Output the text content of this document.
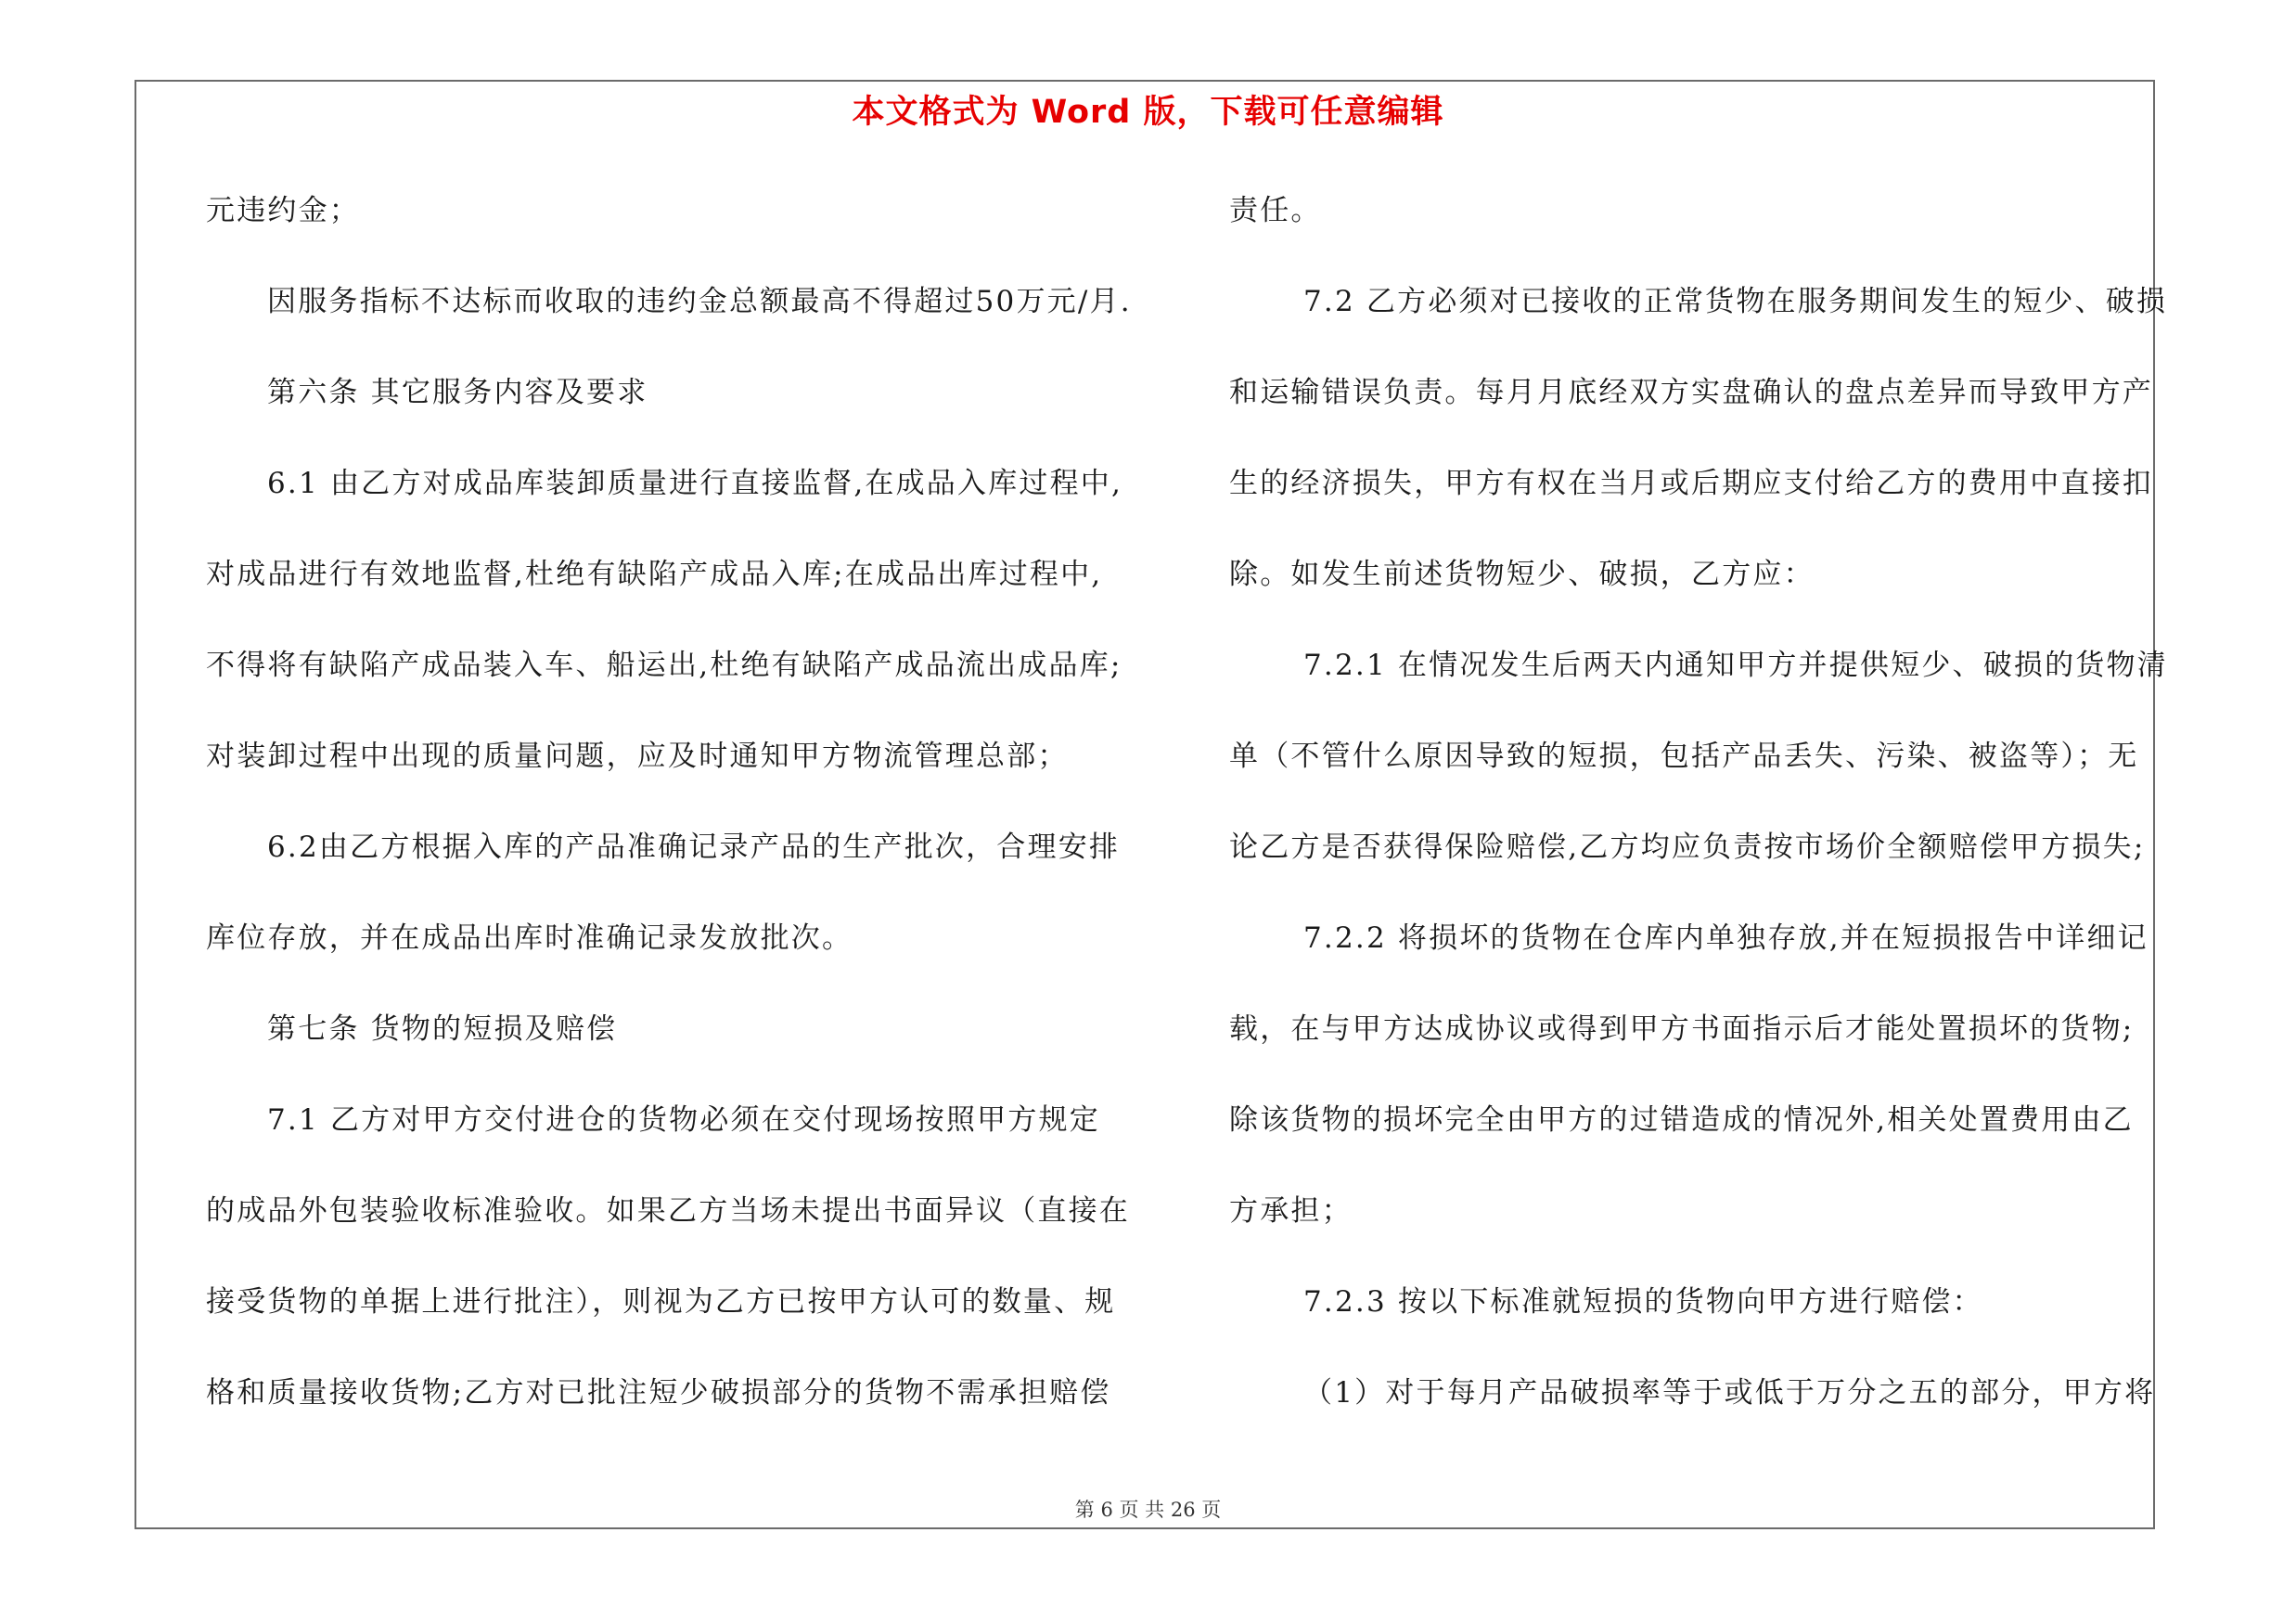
本文格式为 Word 版，下载可任意编辑
元违约金；
因服务指标不达标而收取的违约金总额最高不得超过50万元/月.
第六条 其它服务内容及要求
6.1 由乙方对成品库装卸质量进行直接监督,在成品入库过程中,
对成品进行有效地监督,杜绝有缺陷产成品入库;在成品出库过程中,
不得将有缺陷产成品装入车、船运出,杜绝有缺陷产成品流出成品库;
对装卸过程中出现的质量问题，应及时通知甲方物流管理总部；
6.2由乙方根据入库的产品准确记录产品的生产批次，合理安排
库位存放，并在成品出库时准确记录发放批次。
第七条 货物的短损及赔偿
7.1 乙方对甲方交付进仓的货物必须在交付现场按照甲方规定
的成品外包装验收标准验收。如果乙方当场未提出书面异议（直接在
接受货物的单据上进行批注），则视为乙方已按甲方认可的数量、规
格和质量接收货物;乙方对已批注短少破损部分的货物不需承担赔偿
责任。
7.2 乙方必须对已接收的正常货物在服务期间发生的短少、破损
和运输错误负责。每月月底经双方实盘确认的盘点差异而导致甲方产
生的经济损失，甲方有权在当月或后期应支付给乙方的费用中直接扣
除。如发生前述货物短少、破损，乙方应：
7.2.1 在情况发生后两天内通知甲方并提供短少、破损的货物清
单（不管什么原因导致的短损，包括产品丢失、污染、被盗等）；无
论乙方是否获得保险赔偿,乙方均应负责按市场价全额赔偿甲方损失;
7.2.2 将损坏的货物在仓库内单独存放,并在短损报告中详细记
载，在与甲方达成协议或得到甲方书面指示后才能处置损坏的货物;
除该货物的损坏完全由甲方的过错造成的情况外,相关处置费用由乙
方承担；
7.2.3 按以下标准就短损的货物向甲方进行赔偿：
（1）对于每月产品破损率等于或低于万分之五的部分，甲方将
第 6 页 共 26 页
